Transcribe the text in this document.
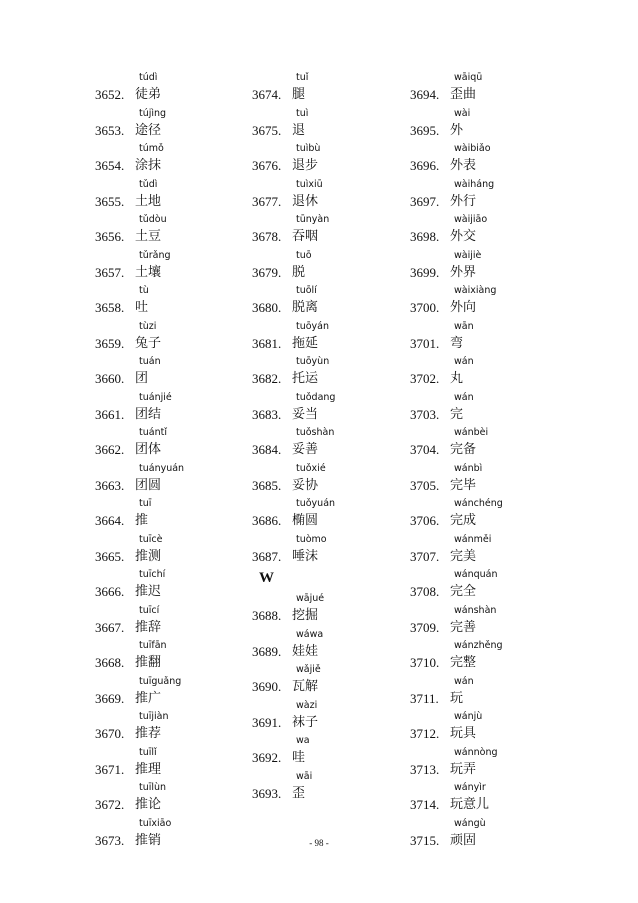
túdì
3652. 徒弟
tújìng
3653. 途径
túmǒ
3654. 涂抹
tǔdì
3655. 土地
tǔdòu
3656. 土豆
tǔrǎng
3657. 土壤
tù
3658. 吐
tùzi
3659. 兔子
tuán
3660. 团
tuánjié
3661. 团结
tuántǐ
3662. 团体
tuányuán
3663. 团圆
tuī
3664. 推
tuīcè
3665. 推测
tuīchí
3666. 推迟
tuīcí
3667. 推辞
tuīfān
3668. 推翻
tuīguǎng
3669. 推广
tuījiàn
3670. 推荐
tuīlǐ
3671. 推理
tuīlùn
3672. 推论
tuīxiāo
3673. 推销
tuǐ
3674. 腿
tuì
3675. 退
tuìbù
3676. 退步
tuìxiū
3677. 退休
tūnyàn
3678. 吞咽
tuō
3679. 脱
tuōlí
3680. 脱离
tuōyán
3681. 拖延
tuōyùn
3682. 托运
tuǒdang
3683. 妥当
tuǒshàn
3684. 妥善
tuǒxié
3685. 妥协
tuǒyuán
3686. 椭圆
tuòmo
3687. 唾沫
wājué
3688. 挖掘
wáwa
3689. 娃娃
wǎjiě
3690. 瓦解
wàzi
3691. 袜子
wa
3692. 哇
wāi
3693. 歪
wāiqū
3694. 歪曲
wài
3695. 外
wàibiǎo
3696. 外表
wàiháng
3697. 外行
wàijiāo
3698. 外交
wàijiè
3699. 外界
wàixiàng
3700. 外向
wān
3701. 弯
wán
3702. 丸
wán
3703. 完
wánbèi
3704. 完备
wánbì
3705. 完毕
wánchéng
3706. 完成
wánměi
3707. 完美
wánquán
3708. 完全
wánshàn
3709. 完善
wánzhěng
3710. 完整
wán
3711. 玩
wánjù
3712. 玩具
wánnòng
3713. 玩弄
wányìr
3714. 玩意儿
wángù
3715. 顽固
W
- 98 -
